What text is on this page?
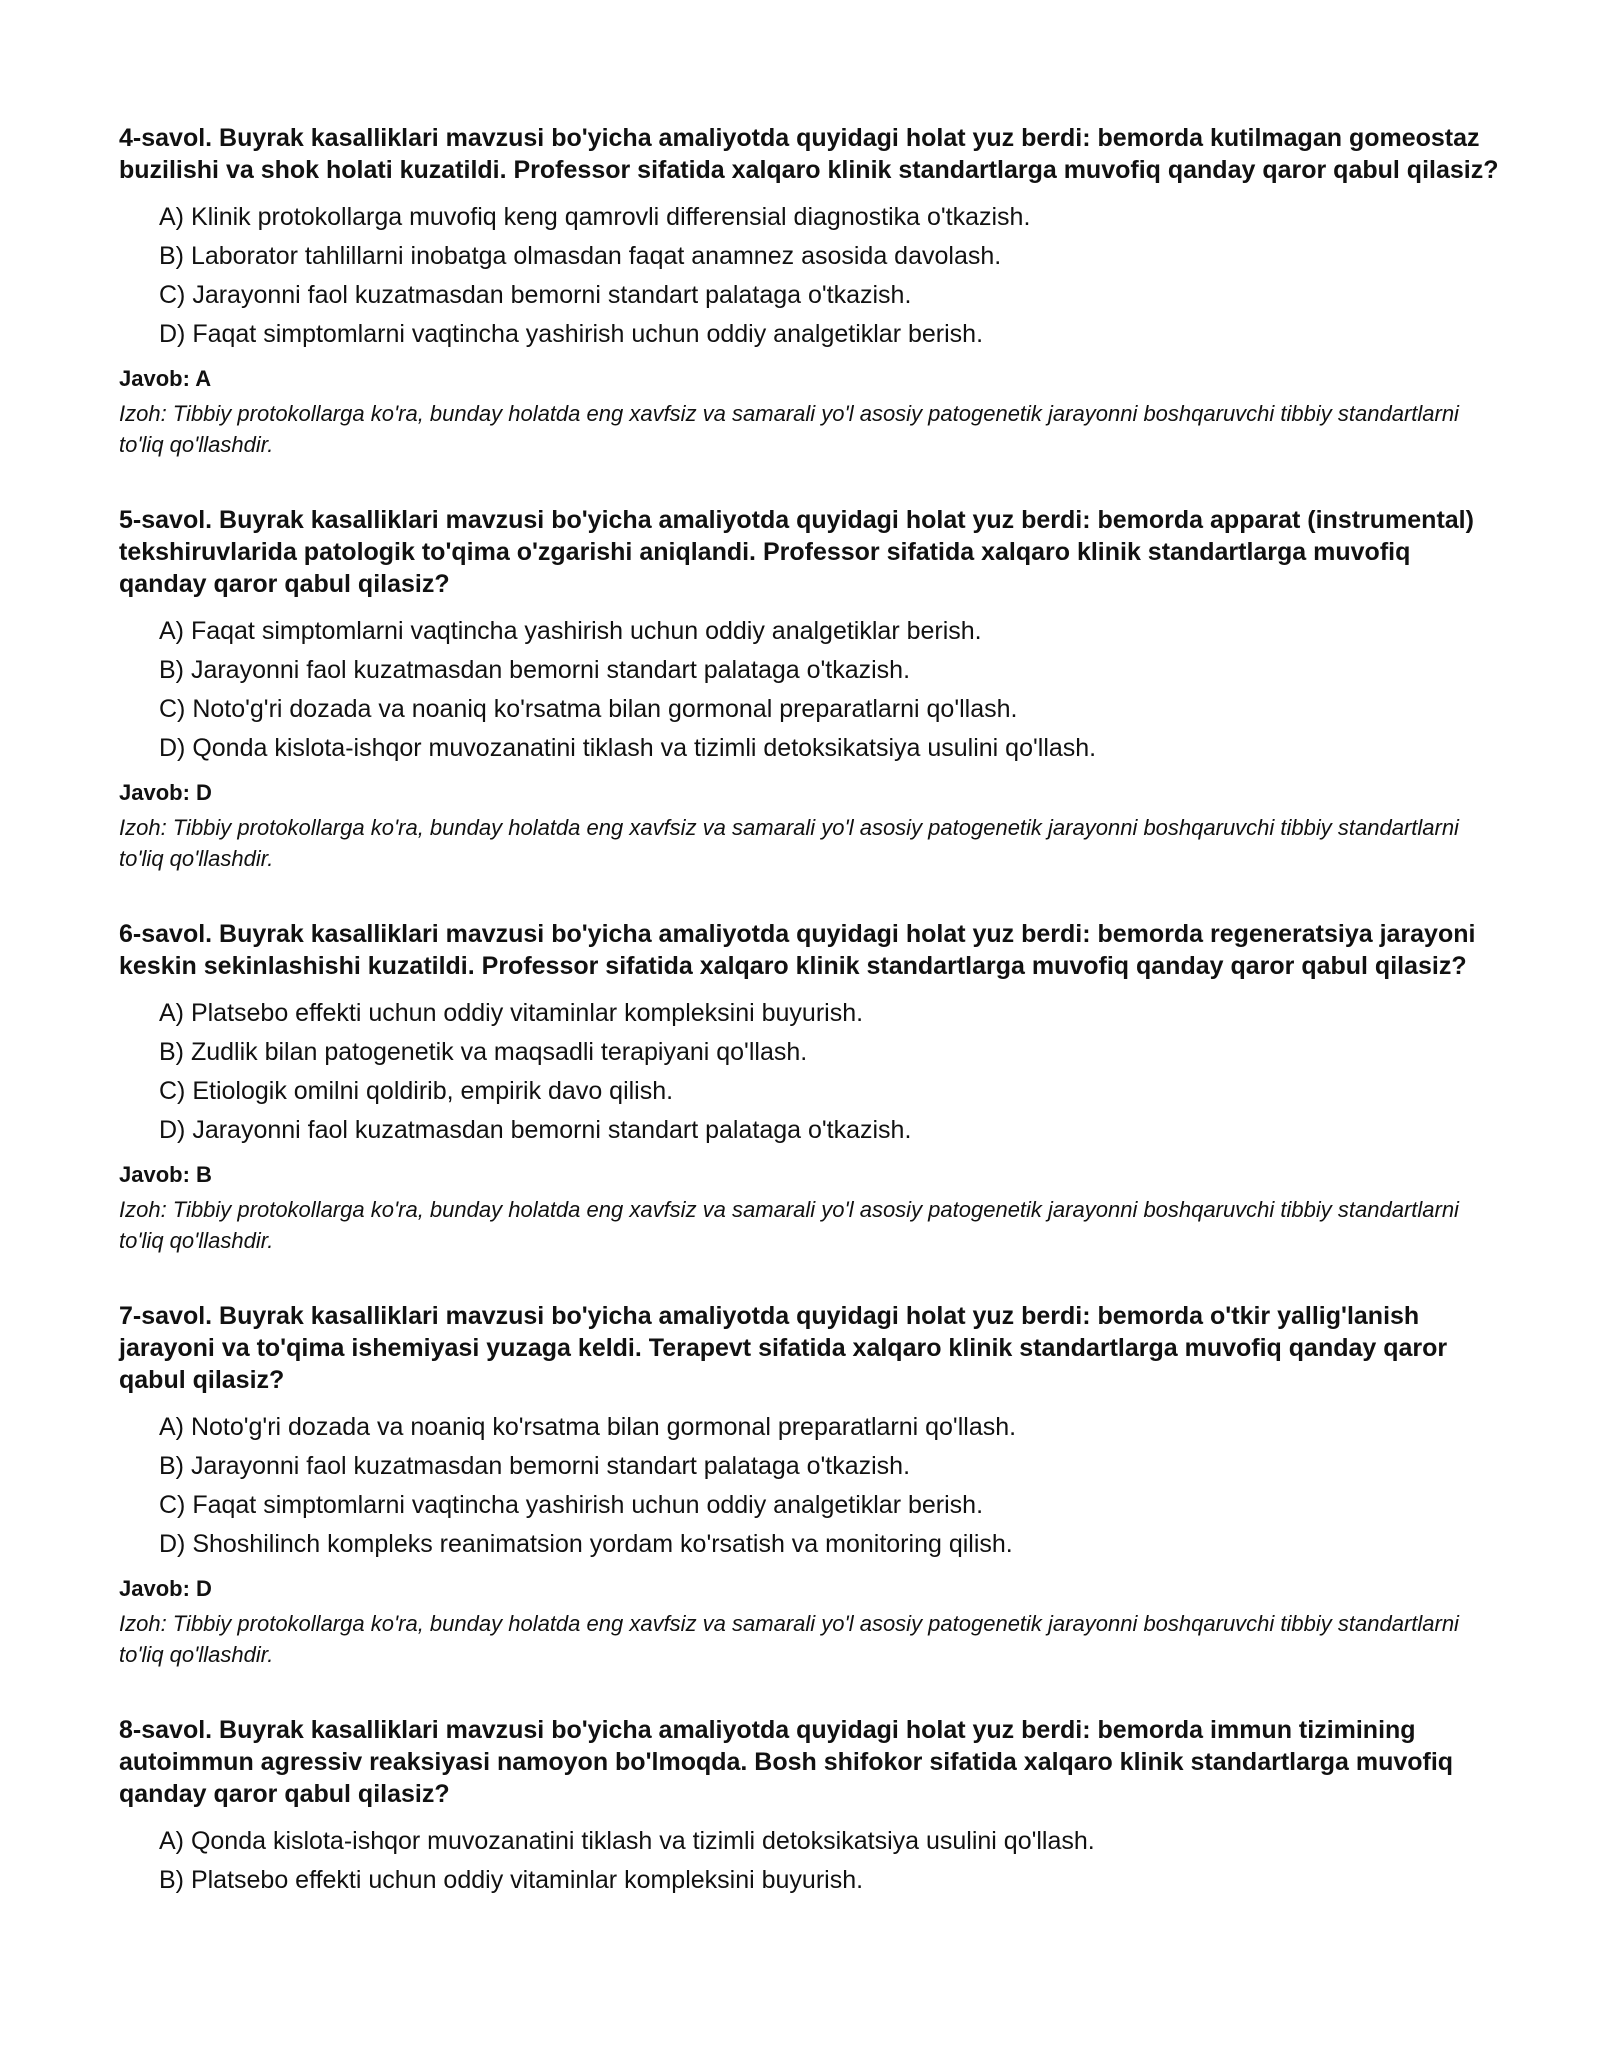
4-savol. Buyrak kasalliklari mavzusi bo'yicha amaliyotda quyidagi holat yuz berdi: bemorda kutilmagan gomeostaz buzilishi va shok holati kuzatildi. Professor sifatida xalqaro klinik standartlarga muvofiq qanday qaror qabul qilasiz?

A) Klinik protokollarga muvofiq keng qamrovli differensial diagnostika o'tkazish.
B) Laborator tahlillarni inobatga olmasdan faqat anamnez asosida davolash.
C) Jarayonni faol kuzatmasdan bemorni standart palataga o'tkazish.
D) Faqat simptomlarni vaqtincha yashirish uchun oddiy analgetiklar berish.

Javob: A

Izoh: Tibbiy protokollarga ko'ra, bunday holatda eng xavfsiz va samarali yo'l asosiy patogenetik jarayonni boshqaruvchi tibbiy standartlarni to'liq qo'llashdir.

5-savol. Buyrak kasalliklari mavzusi bo'yicha amaliyotda quyidagi holat yuz berdi: bemorda apparat (instrumental) tekshiruvlarida patologik to'qima o'zgarishi aniqlandi. Professor sifatida xalqaro klinik standartlarga muvofiq qanday qaror qabul qilasiz?

A) Faqat simptomlarni vaqtincha yashirish uchun oddiy analgetiklar berish.
B) Jarayonni faol kuzatmasdan bemorni standart palataga o'tkazish.
C) Noto'g'ri dozada va noaniq ko'rsatma bilan gormonal preparatlarni qo'llash.
D) Qonda kislota-ishqor muvozanatini tiklash va tizimli detoksikatsiya usulini qo'llash.

Javob: D

Izoh: Tibbiy protokollarga ko'ra, bunday holatda eng xavfsiz va samarali yo'l asosiy patogenetik jarayonni boshqaruvchi tibbiy standartlarni to'liq qo'llashdir.

6-savol. Buyrak kasalliklari mavzusi bo'yicha amaliyotda quyidagi holat yuz berdi: bemorda regeneratsiya jarayoni keskin sekinlashishi kuzatildi. Professor sifatida xalqaro klinik standartlarga muvofiq qanday qaror qabul qilasiz?

A) Platsebo effekti uchun oddiy vitaminlar kompleksini buyurish.
B) Zudlik bilan patogenetik va maqsadli terapiyani qo'llash.
C) Etiologik omilni qoldirib, empirik davo qilish.
D) Jarayonni faol kuzatmasdan bemorni standart palataga o'tkazish.

Javob: B

Izoh: Tibbiy protokollarga ko'ra, bunday holatda eng xavfsiz va samarali yo'l asosiy patogenetik jarayonni boshqaruvchi tibbiy standartlarni to'liq qo'llashdir.

7-savol. Buyrak kasalliklari mavzusi bo'yicha amaliyotda quyidagi holat yuz berdi: bemorda o'tkir yallig'lanish jarayoni va to'qima ishemiyasi yuzaga keldi. Terapevt sifatida xalqaro klinik standartlarga muvofiq qanday qaror qabul qilasiz?

A) Noto'g'ri dozada va noaniq ko'rsatma bilan gormonal preparatlarni qo'llash.
B) Jarayonni faol kuzatmasdan bemorni standart palataga o'tkazish.
C) Faqat simptomlarni vaqtincha yashirish uchun oddiy analgetiklar berish.
D) Shoshilinch kompleks reanimatsion yordam ko'rsatish va monitoring qilish.

Javob: D

Izoh: Tibbiy protokollarga ko'ra, bunday holatda eng xavfsiz va samarali yo'l asosiy patogenetik jarayonni boshqaruvchi tibbiy standartlarni to'liq qo'llashdir.

8-savol. Buyrak kasalliklari mavzusi bo'yicha amaliyotda quyidagi holat yuz berdi: bemorda immun tizimining autoimmun agressiv reaksiyasi namoyon bo'lmoqda. Bosh shifokor sifatida xalqaro klinik standartlarga muvofiq qanday qaror qabul qilasiz?

A) Qonda kislota-ishqor muvozanatini tiklash va tizimli detoksikatsiya usulini qo'llash.
B) Platsebo effekti uchun oddiy vitaminlar kompleksini buyurish.
